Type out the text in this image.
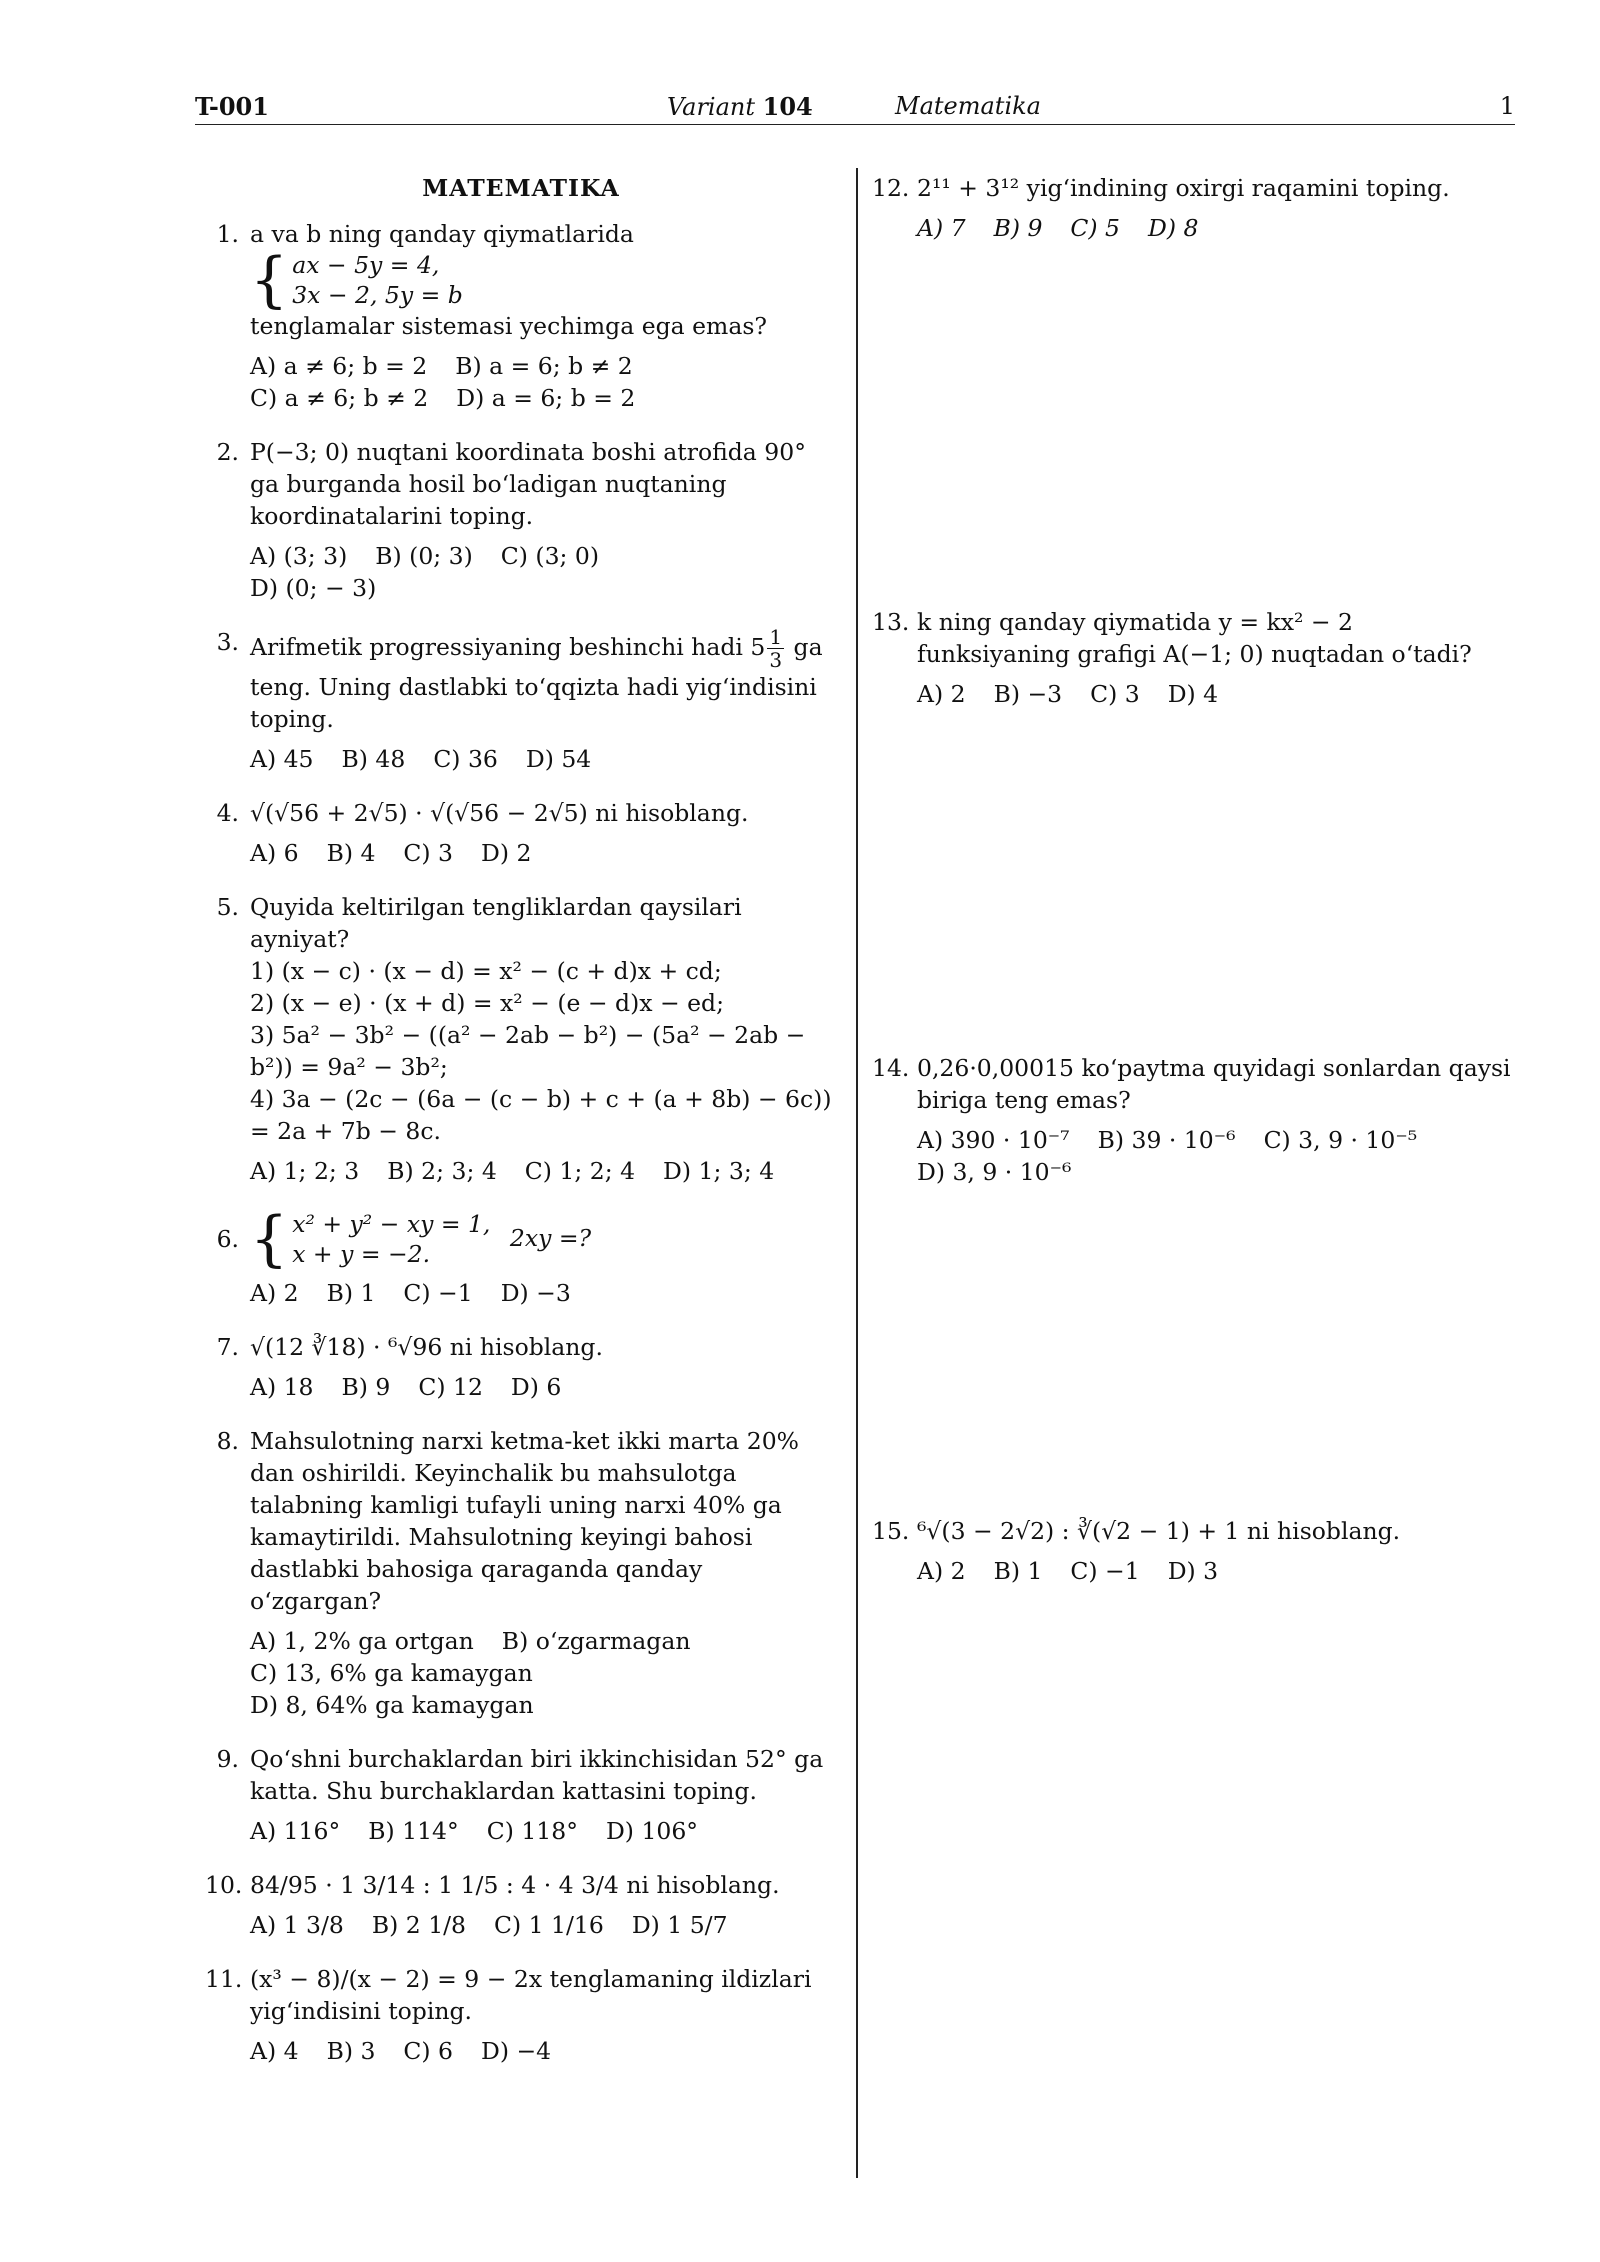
T-001	Variant 104	Matematika	1
MATEMATIKA
1. a va b ning qanday qiymatlarida
{ ax − 5y = 4,
3x − 2, 5y = b
tenglamalar sistemasi yechimga ega emas?
A) a ≠ 6; b = 2 B) a = 6; b ≠ 2
C) a ≠ 6; b ≠ 2 D) a = 6; b = 2
2. P(−3; 0) nuqtani koordinata boshi atrofida 90° ga burganda hosil bo‘ladigan nuqtaning koordinatalarini toping.
A) (3; 3) B) (0; 3) C) (3; 0)
D) (0; − 3)
3. Arifmetik progressiyaning beshinchi hadi $5 \frac{1}{3}$ ga teng. Uning dastlabki to‘qqizta hadi yig‘indisini toping.
A) 45 B) 48 C) 36 D) 54
4. √(√56 + 2√5) · √(√56 − 2√5) ni hisoblang.
A) 6 B) 4 C) 3 D) 2
5. Quyida keltirilgan tengliklardan qaysilari ayniyat?
1) (x − c) · (x − d) = x² − (c + d)x + cd;
2) (x − e) · (x + d) = x² − (e − d)x − ed;
3) 5a² − 3b² − ((a² − 2ab − b²) − (5a² − 2ab − b²)) = 9a² − 3b²;
4) 3a − (2c − (6a − (c − b) + c + (a + 8b) − 6c)) = 2a + 7b − 8c.
A) 1; 2; 3 B) 2; 3; 4 C) 1; 2; 4 D) 1; 3; 4
6. { x² + y² − xy = 1,
x + y = −2.
2xy =?
A) 2 B) 1 C) −1 D) −3
7. √(12 ∛18) · ⁶√96 ni hisoblang.
A) 18 B) 9 C) 12 D) 6
8. Mahsulotning narxi ketma-ket ikki marta 20% dan oshirildi. Keyinchalik bu mahsulotga talabning kamligi tufayli uning narxi 40% ga kamaytirildi. Mahsulotning keyingi bahosi dastlabki bahosiga qaraganda qanday o‘zgargan?
A) 1, 2% ga ortgan B) o‘zgarmagan
C) 13, 6% ga kamaygan
D) 8, 64% ga kamaygan
9. Qo‘shni burchaklardan biri ikkinchisidan 52° ga katta. Shu burchaklardan kattasini toping.
A) 116° B) 114° C) 118° D) 106°
10. 84/95 · 1 3/14 : 1 1/5 : 4 · 4 3/4 ni hisoblang.
A) 1 3/8 B) 2 1/8 C) 1 1/16 D) 1 5/7
11. (x³ − 8)/(x − 2) = 9 − 2x tenglamaning ildizlari yig‘indisini toping.
A) 4 B) 3 C) 6 D) −4
12. 2¹¹ + 3¹² yig‘indining oxirgi raqamini toping.
A) 7 B) 9 C) 5 D) 8
13. k ning qanday qiymatida y = kx² − 2 funksiyaning grafigi A(−1; 0) nuqtadan o‘tadi?
A) 2 B) −3 C) 3 D) 4
14. 0,26·0,00015 ko‘paytma quyidagi sonlardan qaysi biriga teng emas?
A) 390 · 10⁻⁷ B) 39 · 10⁻⁶ C) 3, 9 · 10⁻⁵
D) 3, 9 · 10⁻⁶
15. ⁶√(3 − 2√2) : ∛(√2 − 1) + 1 ni hisoblang.
A) 2 B) 1 C) −1 D) 3
